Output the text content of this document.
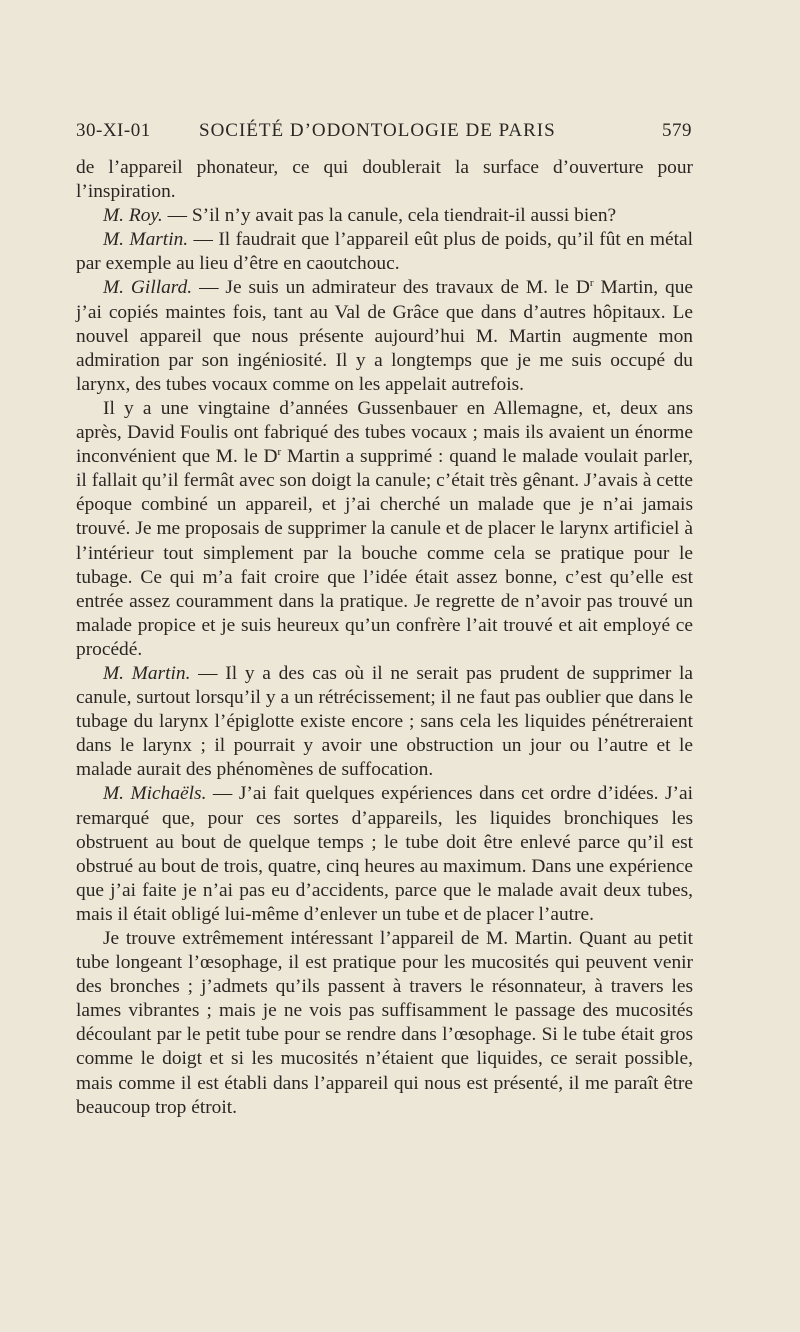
30-XI-01	SOCIÉTÉ D’ODONTOLOGIE DE PARIS	579

de l’appareil phonateur, ce qui doublerait la surface d’ouverture pour l’inspiration.

M. Roy. — S’il n’y avait pas la canule, cela tiendrait-il aussi bien?

M. Martin. — Il faudrait que l’appareil eût plus de poids, qu’il fût en métal par exemple au lieu d’être en caoutchouc.

M. Gillard. — Je suis un admirateur des travaux de M. le $D^r$ Martin, que j’ai copiés maintes fois, tant au Val de Grâce que dans d’autres hôpitaux. Le nouvel appareil que nous présente aujourd’hui M. Martin augmente mon admiration par son ingéniosité. Il y a longtemps que je me suis occupé du larynx, des tubes vocaux comme on les appelait autrefois.

Il y a une vingtaine d’années Gussenbauer en Allemagne, et, deux ans après, David Foulis ont fabriqué des tubes vocaux ; mais ils avaient un énorme inconvénient que M. le $D^r$ Martin a supprimé : quand le malade voulait parler, il fallait qu’il fermât avec son doigt la canule; c’était très gênant. J’avais à cette époque combiné un appareil, et j’ai cherché un malade que je n’ai jamais trouvé. Je me proposais de supprimer la canule et de placer le larynx artificiel à l’intérieur tout simplement par la bouche comme cela se pratique pour le tubage. Ce qui m’a fait croire que l’idée était assez bonne, c’est qu’elle est entrée assez couramment dans la pratique. Je regrette de n’avoir pas trouvé un malade propice et je suis heureux qu’un confrère l’ait trouvé et ait employé ce procédé.

M. Martin. — Il y a des cas où il ne serait pas prudent de supprimer la canule, surtout lorsqu’il y a un rétrécissement; il ne faut pas oublier que dans le tubage du larynx l’épiglotte existe encore ; sans cela les liquides pénétreraient dans le larynx ; il pourrait y avoir une obstruction un jour ou l’autre et le malade aurait des phénomènes de suffocation.

M. Michaëls. — J’ai fait quelques expériences dans cet ordre d’idées. J’ai remarqué que, pour ces sortes d’appareils, les liquides bronchiques les obstruent au bout de quelque temps ; le tube doit être enlevé parce qu’il est obstrué au bout de trois, quatre, cinq heures au maximum. Dans une expérience que j’ai faite je n’ai pas eu d’accidents, parce que le malade avait deux tubes, mais il était obligé lui-même d’enlever un tube et de placer l’autre.

Je trouve extrêmement intéressant l’appareil de M. Martin. Quant au petit tube longeant l’œsophage, il est pratique pour les mucosités qui peuvent venir des bronches ; j’admets qu’ils passent à travers le résonnateur, à travers les lames vibrantes ; mais je ne vois pas suffisamment le passage des mucosités découlant par le petit tube pour se rendre dans l’œsophage. Si le tube était gros comme le doigt et si les mucosités n’étaient que liquides, ce serait possible, mais comme il est établi dans l’appareil qui nous est présenté, il me paraît être beaucoup trop étroit.
